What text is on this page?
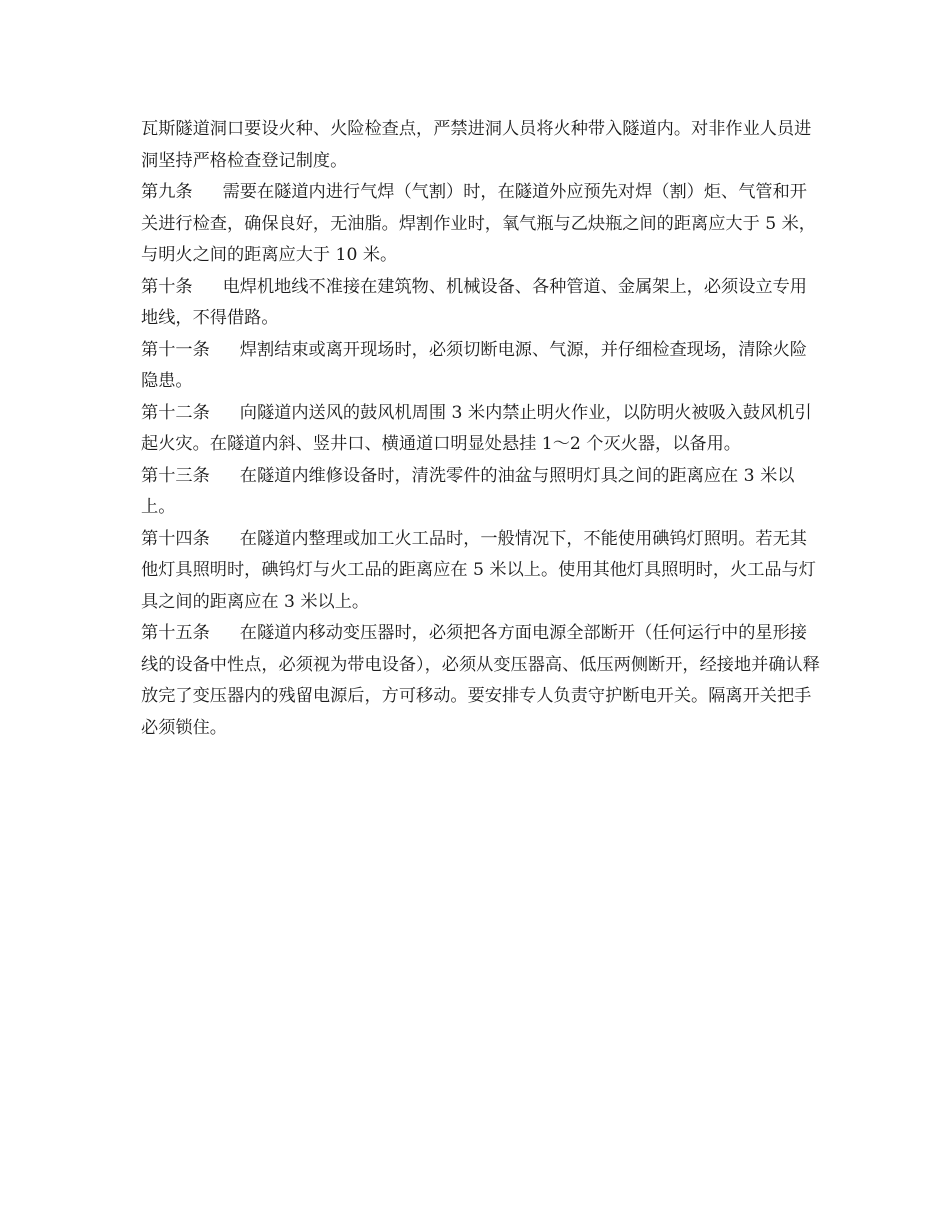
瓦斯隧道洞口要设火种、火险检查点，严禁进洞人员将火种带入隧道内。对非作业人员进洞坚持严格检查登记制度。

第九条 需要在隧道内进行气焊（气割）时，在隧道外应预先对焊（割）炬、气管和开关进行检查，确保良好，无油脂。焊割作业时，氧气瓶与乙炔瓶之间的距离应大于 5 米，与明火之间的距离应大于 10 米。

第十条 电焊机地线不准接在建筑物、机械设备、各种管道、金属架上，必须设立专用地线，不得借路。

第十一条 焊割结束或离开现场时，必须切断电源、气源，并仔细检查现场，清除火险隐患。

第十二条 向隧道内送风的鼓风机周围 3 米内禁止明火作业，以防明火被吸入鼓风机引起火灾。在隧道内斜、竖井口、横通道口明显处悬挂 1～2 个灭火器，以备用。

第十三条 在隧道内维修设备时，清洗零件的油盆与照明灯具之间的距离应在 3 米以上。

第十四条 在隧道内整理或加工火工品时，一般情况下，不能使用碘钨灯照明。若无其他灯具照明时，碘钨灯与火工品的距离应在 5 米以上。使用其他灯具照明时，火工品与灯具之间的距离应在 3 米以上。

第十五条 在隧道内移动变压器时，必须把各方面电源全部断开（任何运行中的星形接线的设备中性点，必须视为带电设备），必须从变压器高、低压两侧断开，经接地并确认释放完了变压器内的残留电源后，方可移动。要安排专人负责守护断电开关。隔离开关把手必须锁住。
